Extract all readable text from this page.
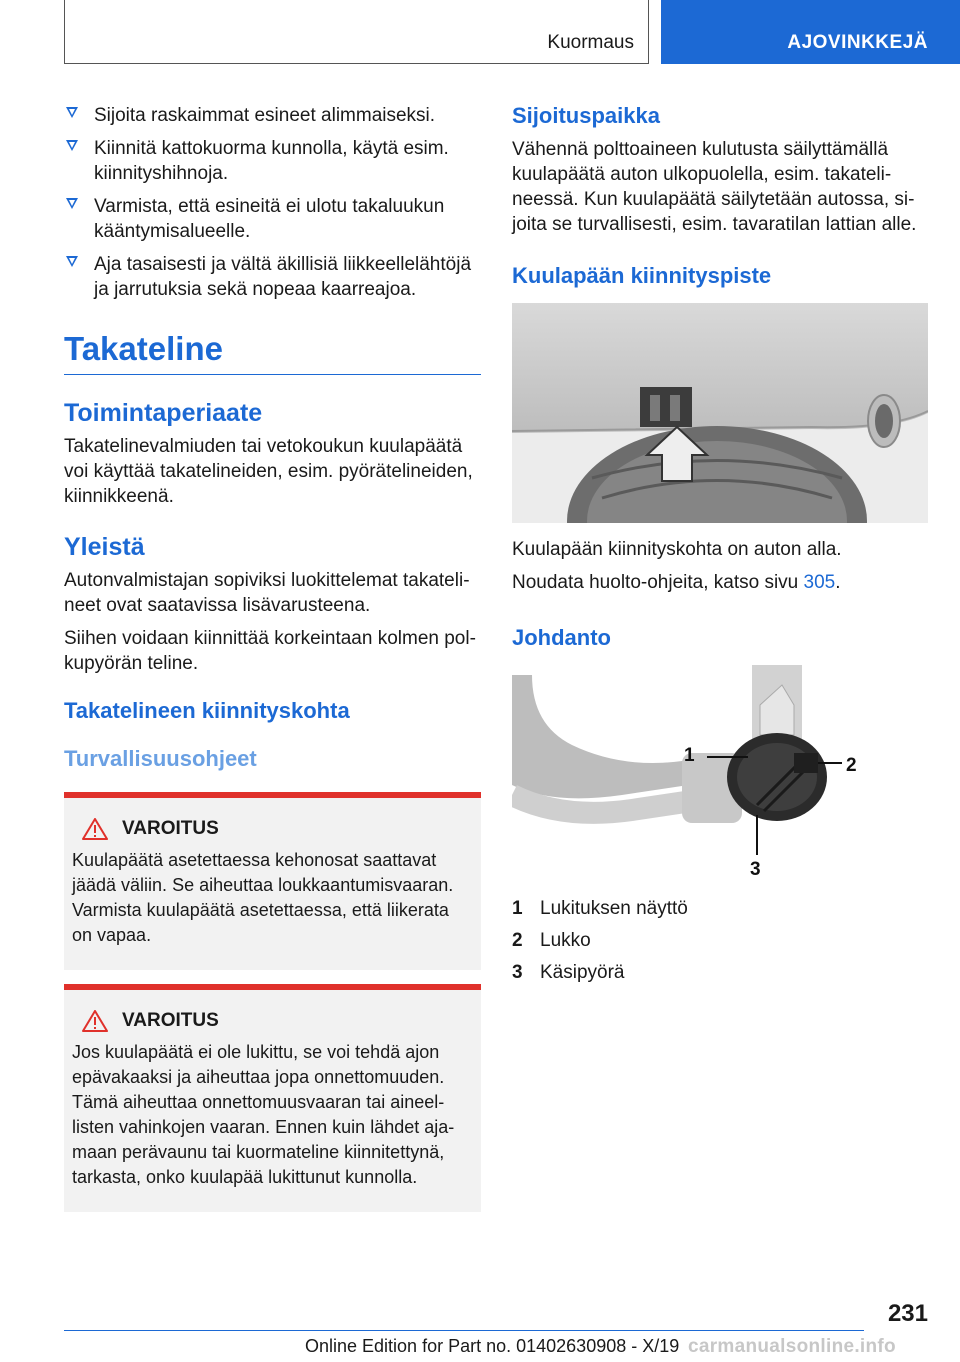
Kuormaus	AJOVINKKEJÄ
Sijoita raskaimmat esineet alimmaiseksi.
Kiinnitä kattokuorma kunnolla, käytä esim. kiinnityshihnoja.
Varmista, että esineitä ei ulotu takaluukun kääntymisalueelle.
Aja tasaisesti ja vältä äkillisiä liikkeellelähtöjä ja jarrutuksia sekä nopeaa kaarreajoa.
Takateline
Toimintaperiaate
Takatelinevalmiuden tai vetokoukun kuulapäätä voi käyttää takatelineiden, esim. pyörätelineiden, kiinnikkeenä.
Yleistä
Autonvalmistajan sopiviksi luokittelemat takatelineet ovat saatavissa lisävarusteena.
Siihen voidaan kiinnittää korkeintaan kolmen polkupyörän teline.
Takatelineen kiinnityskohta
Turvallisuusohjeet
VAROITUS
Kuulapäätä asetettaessa kehonosat saattavat jäädä väliin. Se aiheuttaa loukkaantumisvaaran. Varmista kuulapäätä asetettaessa, että liikerata on vapaa.
VAROITUS
Jos kuulapäätä ei ole lukittu, se voi tehdä ajon epävakaaksi ja aiheuttaa jopa onnettomuuden. Tämä aiheuttaa onnettomuusvaaran tai aineellisten vahinkojen vaaran. Ennen kuin lähdet ajamaan perävaunu tai kuormateline kiinnitettynä, tarkasta, onko kuulapää lukittunut kunnolla.
Sijoituspaikka
Vähennä polttoaineen kulutusta säilyttämällä kuulapäätä auton ulkopuolella, esim. takatelineessä. Kun kuulapäätä säilytetään autossa, sijoita se turvallisesti, esim. tavaratilan lattian alle.
Kuulapään kiinnityspiste
Kuulapään kiinnityskohta on auton alla.
Noudata huolto-ohjeita, katso sivu 305.
Johdanto
1	2
3
1 Lukituksen näyttö
2 Lukko
3 Käsipyörä
231
Online Edition for Part no. 01402630908 - X/19 carmanualsonline.info
